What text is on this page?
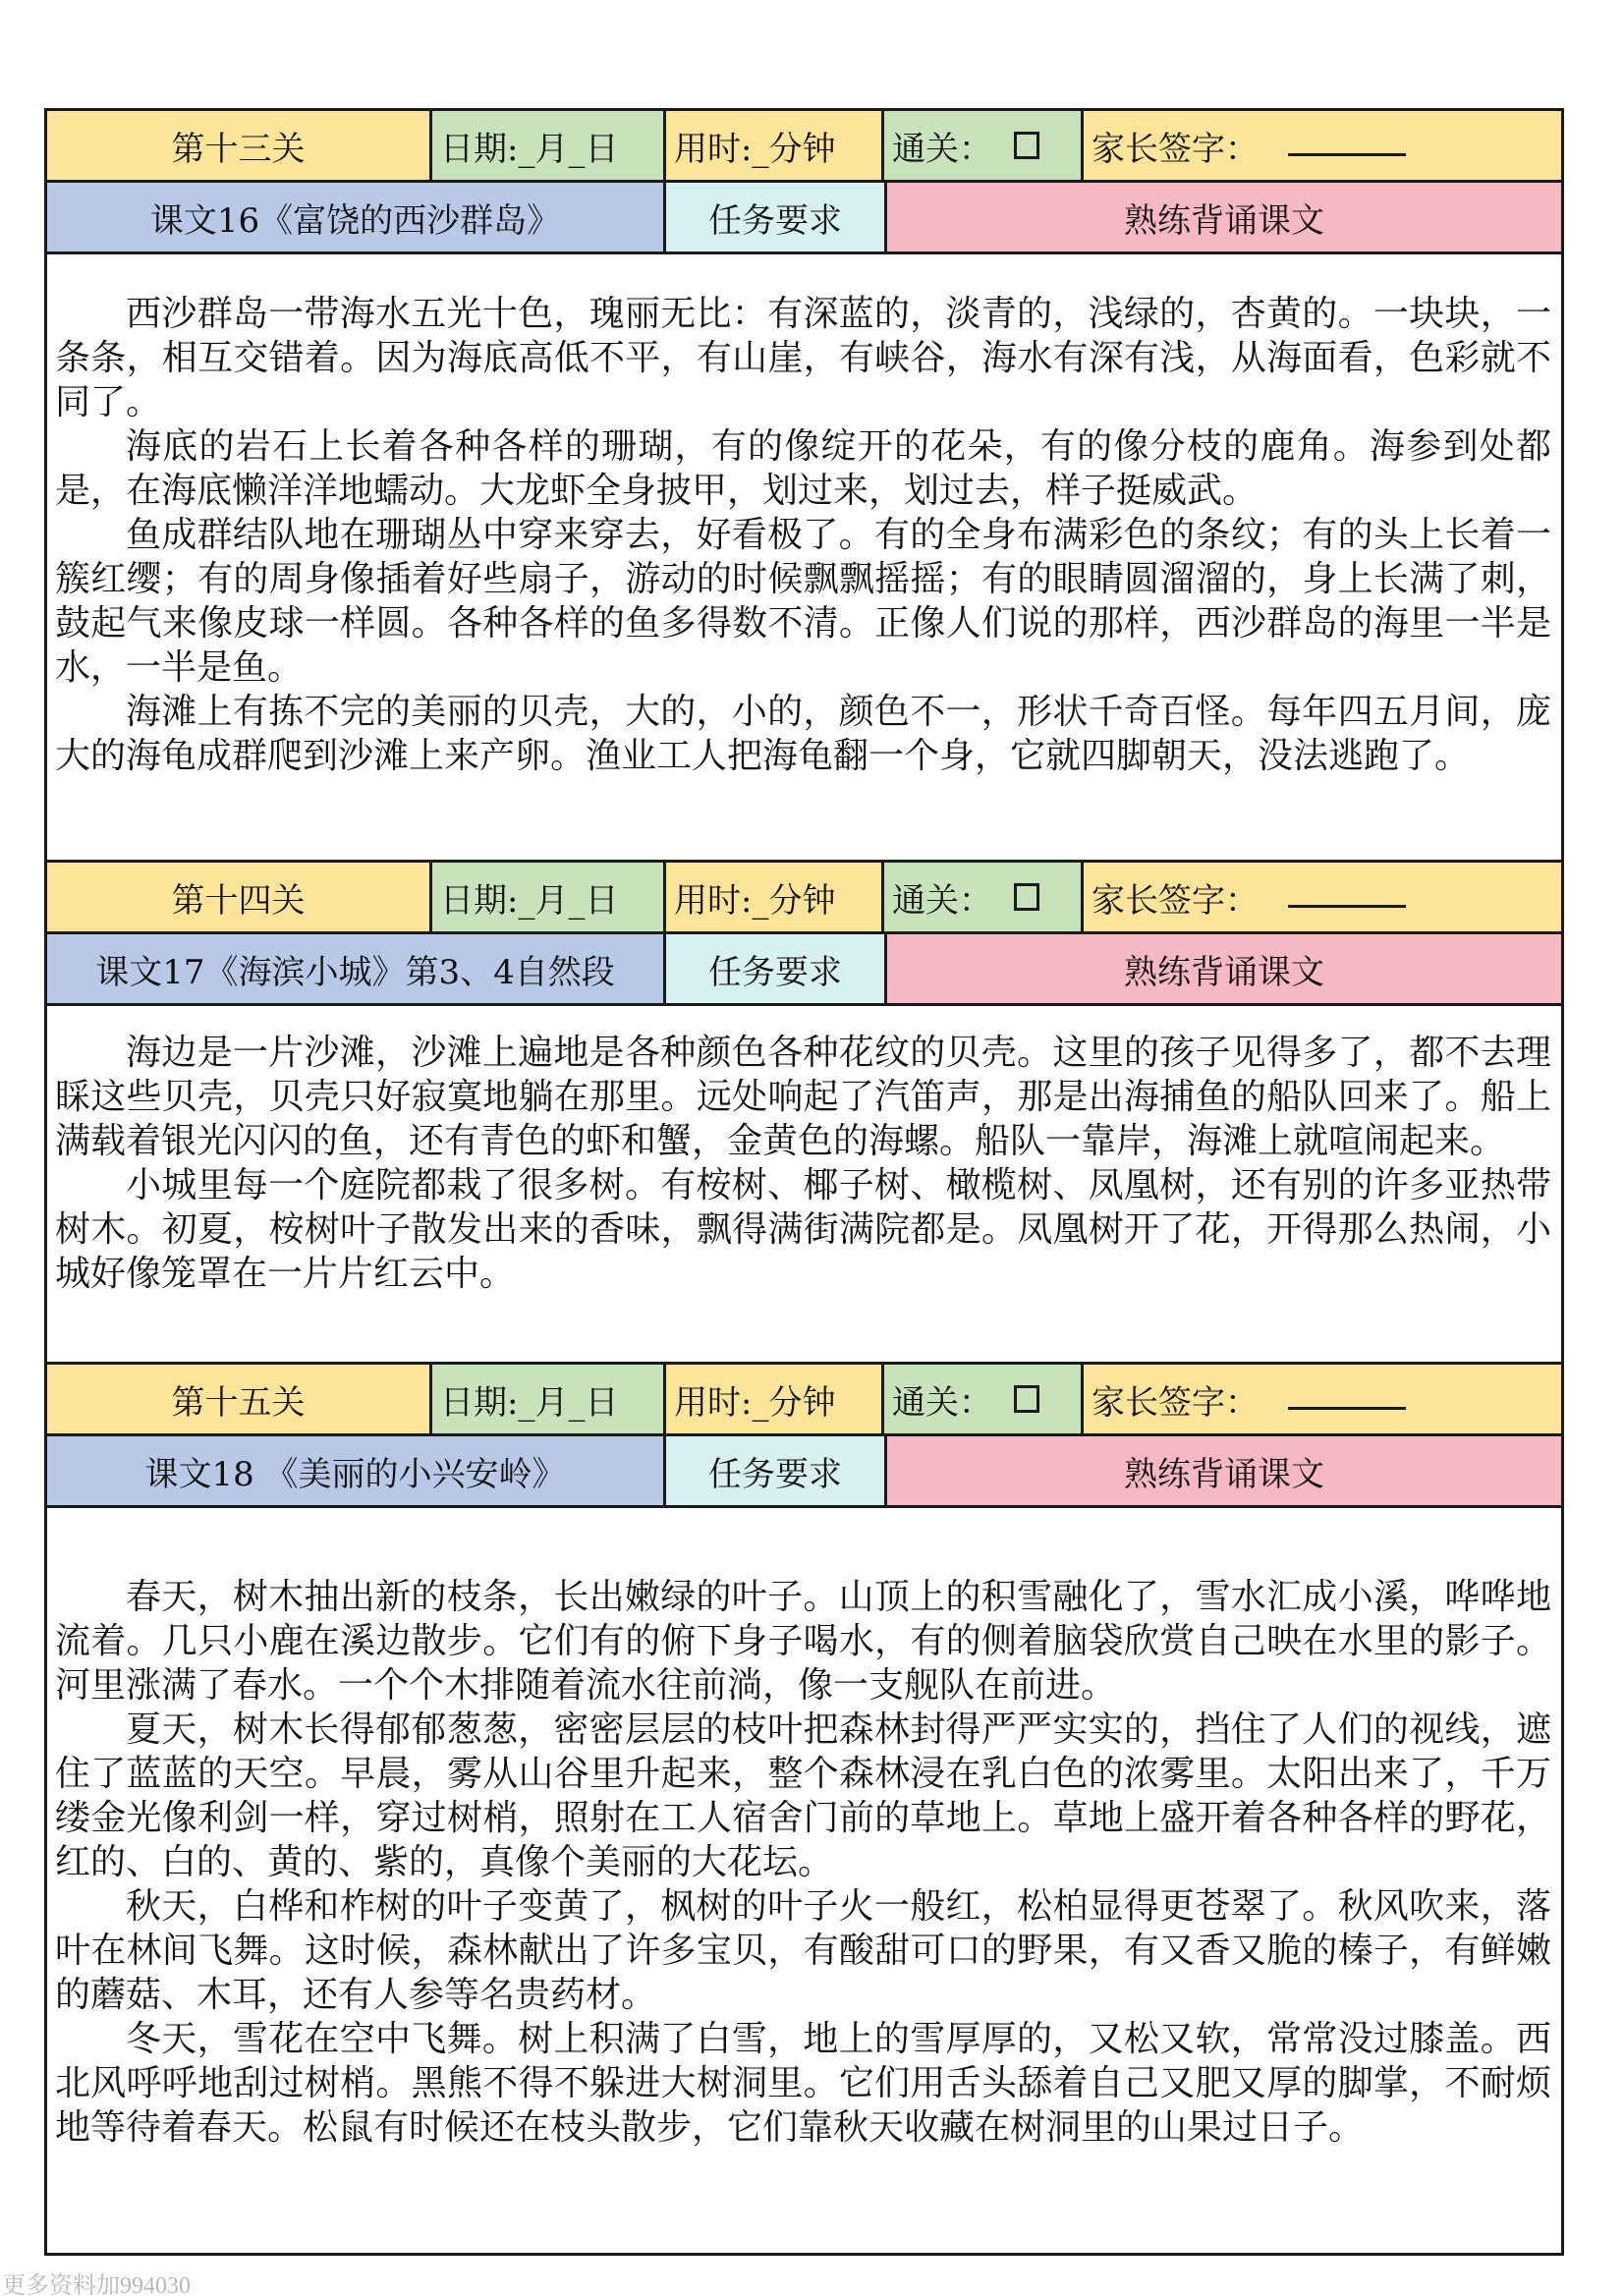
第十三关	日期:_月_日	用时:_分钟	通关：	家长签字：
课文16《富饶的西沙群岛》	任务要求	熟练背诵课文

西沙群岛一带海水五光十色，瑰丽无比：有深蓝的，淡青的，浅绿的，杏黄的。一块块，一条条，相互交错着。因为海底高低不平，有山崖，有峡谷，海水有深有浅，从海面看，色彩就不同了。

海底的岩石上长着各种各样的珊瑚，有的像绽开的花朵，有的像分枝的鹿角。海参到处都是，在海底懒洋洋地蠕动。大龙虾全身披甲，划过来，划过去，样子挺威武。

鱼成群结队地在珊瑚丛中穿来穿去，好看极了。有的全身布满彩色的条纹；有的头上长着一簇红缨；有的周身像插着好些扇子，游动的时候飘飘摇摇；有的眼睛圆溜溜的，身上长满了刺，鼓起气来像皮球一样圆。各种各样的鱼多得数不清。正像人们说的那样，西沙群岛的海里一半是水，一半是鱼。

海滩上有拣不完的美丽的贝壳，大的，小的，颜色不一，形状千奇百怪。每年四五月间，庞大的海龟成群爬到沙滩上来产卵。渔业工人把海龟翻一个身，它就四脚朝天，没法逃跑了。

第十四关	日期:_月_日	用时:_分钟	通关：	家长签字：
课文17《海滨小城》第3、4自然段	任务要求	熟练背诵课文

海边是一片沙滩，沙滩上遍地是各种颜色各种花纹的贝壳。这里的孩子见得多了，都不去理睬这些贝壳，贝壳只好寂寞地躺在那里。远处响起了汽笛声，那是出海捕鱼的船队回来了。船上满载着银光闪闪的鱼，还有青色的虾和蟹，金黄色的海螺。船队一靠岸，海滩上就喧闹起来。

小城里每一个庭院都栽了很多树。有桉树、椰子树、橄榄树、凤凰树，还有别的许多亚热带树木。初夏，桉树叶子散发出来的香味，飘得满街满院都是。凤凰树开了花，开得那么热闹，小城好像笼罩在一片片红云中。

第十五关	日期:_月_日	用时:_分钟	通关：	家长签字：
课文18 《美丽的小兴安岭》	任务要求	熟练背诵课文

春天，树木抽出新的枝条，长出嫩绿的叶子。山顶上的积雪融化了，雪水汇成小溪，哗哗地流着。几只小鹿在溪边散步。它们有的俯下身子喝水，有的侧着脑袋欣赏自己映在水里的影子。河里涨满了春水。一个个木排随着流水往前淌，像一支舰队在前进。

夏天，树木长得郁郁葱葱，密密层层的枝叶把森林封得严严实实的，挡住了人们的视线，遮住了蓝蓝的天空。早晨，雾从山谷里升起来，整个森林浸在乳白色的浓雾里。太阳出来了，千万缕金光像利剑一样，穿过树梢，照射在工人宿舍门前的草地上。草地上盛开着各种各样的野花，红的、白的、黄的、紫的，真像个美丽的大花坛。

秋天，白桦和柞树的叶子变黄了，枫树的叶子火一般红，松柏显得更苍翠了。秋风吹来，落叶在林间飞舞。这时候，森林献出了许多宝贝，有酸甜可口的野果，有又香又脆的榛子，有鲜嫩的蘑菇、木耳，还有人参等名贵药材。

冬天，雪花在空中飞舞。树上积满了白雪，地上的雪厚厚的，又松又软，常常没过膝盖。西北风呼呼地刮过树梢。黑熊不得不躲进大树洞里。它们用舌头舔着自己又肥又厚的脚掌，不耐烦地等待着春天。松鼠有时候还在枝头散步，它们靠秋天收藏在树洞里的山果过日子。

更多资料加994030
